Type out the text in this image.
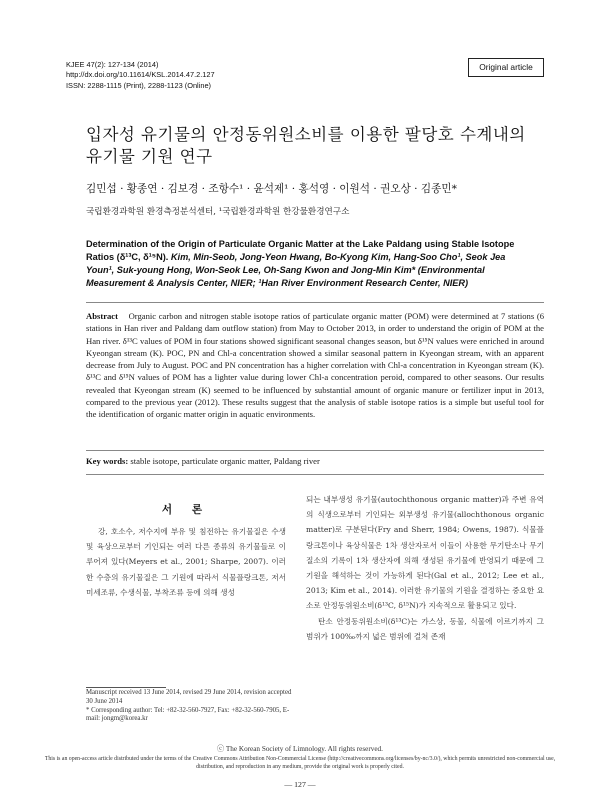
KJEE 47(2): 127-134 (2014)
http://dx.doi.org/10.11614/KSL.2014.47.2.127
ISSN: 2288-1115 (Print), 2288-1123 (Online)
Original article
입자성 유기물의 안정동위원소비를 이용한 팔당호 수계내의
유기물 기원 연구
김민섭 · 황종연 · 김보경 · 조항수¹ · 윤석제¹ · 홍석영 · 이원석 · 권오상 · 김종민*
국립환경과학원 환경측정분석센터, ¹국립환경과학원 한강물환경연구소
Determination of the Origin of Particulate Organic Matter at the Lake Paldang using Stable Isotope Ratios (δ¹³C, δ¹⁵N). Kim, Min-Seob, Jong-Yeon Hwang, Bo-Kyong Kim, Hang-Soo Cho¹, Seok Jea Youn¹, Suk-young Hong, Won-Seok Lee, Oh-Sang Kwon and Jong-Min Kim* (Environmental Measurement & Analysis Center, NIER; ¹Han River Environment Research Center, NIER)
Abstract Organic carbon and nitrogen stable isotope ratios of particulate organic matter (POM) were determined at 7 stations (6 stations in Han river and Paldang dam outflow station) from May to October 2013, in order to understand the origin of POM at the Han river. δ¹³C values of POM in four stations showed significant seasonal changes season, but δ¹⁵N values were enriched in around Kyeongan stream (K). POC, PN and Chl-a concentration showed a similar seasonal pattern in Kyeongan stream, with an apparent decrease from July to August. POC and PN concentration has a higher correlation with Chl-a concentration in Kyeongan stream (K). δ¹³C and δ¹⁵N values of POM has a lighter value during lower Chl-a concentration peroid, compared to other seasons. Our results revealed that Kyeongan stream (K) seemed to be influenced by substantial amount of organic manure or fertilizer input in 2013, compared to the previous year (2012). These results suggest that the analysis of stable isotope ratios is a simple but useful tool for the identification of organic matter origin in aquatic environments.
Key words: stable isotope, particulate organic matter, Paldang river
서 론

강, 호소수, 저수지에 부유 및 침전하는 유기물질은 수생 및 육상으로부터 기인되는 여러 다른 종류의 유기물들로 이루어져 있다(Meyers et al., 2001; Sharpe, 2007). 이러한 수층의 유기물질은 그 기원에 따라서 식물플랑크톤, 저서미세조류, 수생식물, 부착조류 등에 의해 생성

되는 내부생성 유기물(autochthonous organic matter)과 주변 유역의 식생으로부터 기인되는 외부생성 유기물(allochthonous organic matter)로 구분된다(Fry and Sherr, 1984; Owens, 1987). 식물플랑크톤이나 육상식물은 1차 생산자로서 이들이 사용한 무기탄소나 무기질소의 기록이 1차 생산자에 의해 생성된 유기물에 반영되기 때문에 그 기원을 해석하는 것이 가능하게 된다(Gal et al., 2012; Lee et al., 2013; Kim et al., 2014). 이러한 유기물의 기원을 결정하는 중요한 요소로 안정동위원소비(δ¹³C, δ¹⁵N)가 지속적으로 활용되고 있다.

탄소 안정동위원소비(δ¹³C)는 가스상, 동물, 식물에 이르기까지 그 범위가 100‰까지 넓은 범위에 걸쳐 존재

Manuscript received 13 June 2014, revised 29 June 2014, revision accepted 30 June 2014
* Corresponding author: Tel: +82-32-560-7927, Fax: +82-32-560-7905, E-mail: jongm@korea.kr
ⓒ The Korean Society of Limnology. All rights reserved.
This is an open-access article distributed under the terms of the Creative Commons Attribution Non-Commercial License (http://creativecommons.org/licenses/by-nc/3.0/), which permits unrestricted non-commercial use, distribution, and reproduction in any medium, provide the original work is properly cited.
— 127 —
